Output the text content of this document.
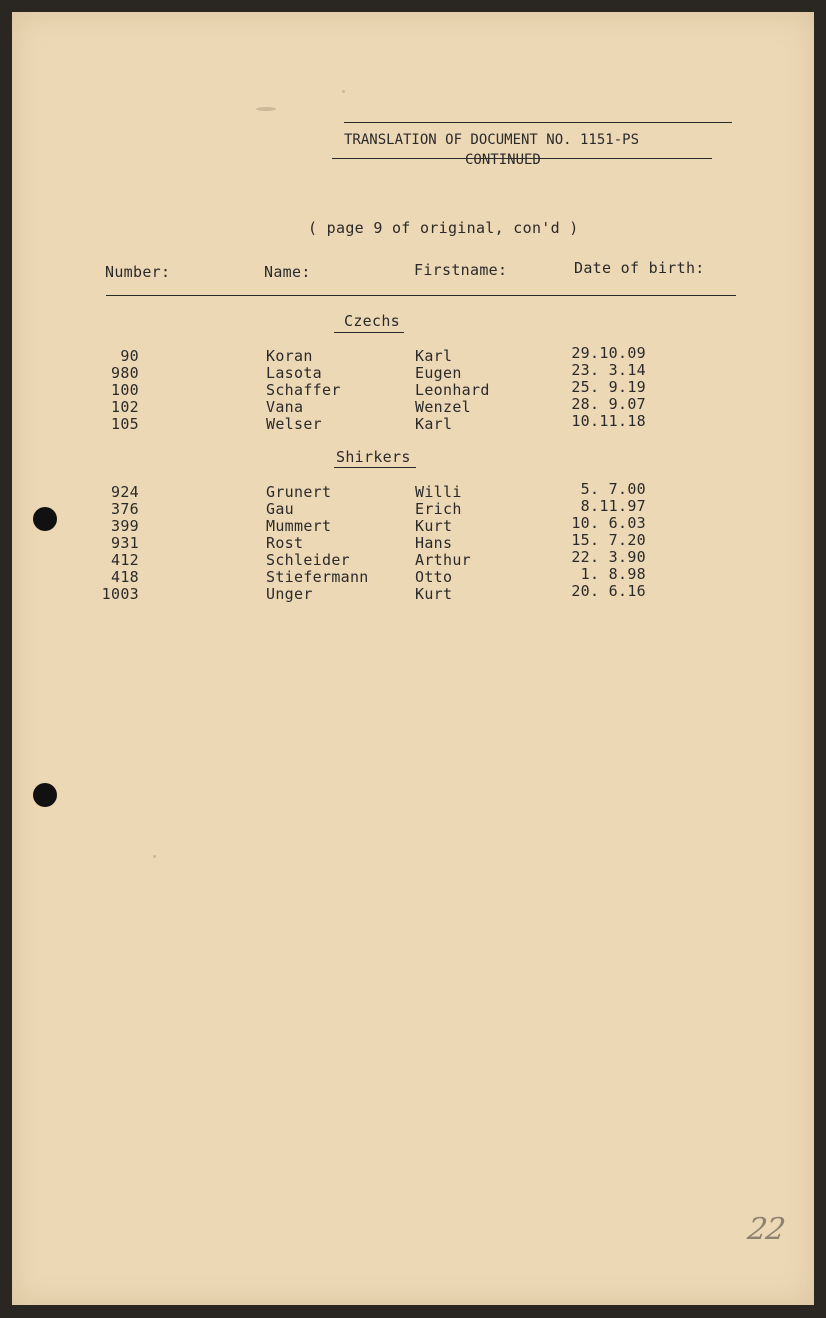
TRANSLATION OF DOCUMENT NO. 1151-PS
CONTINUED
( page 9 of original, con'd )
Number:	Name:	Firstname:	Date of birth:
Czechs
90	Koran	Karl	29.10.09
980	Lasota	Eugen	23. 3.14
100	Schaffer	Leonhard	25. 9.19
102	Vana	Wenzel	28. 9.07
105	Welser	Karl	10.11.18
Shirkers
924	Grunert	Willi	5. 7.00
376	Gau	Erich	8.11.97
399	Mummert	Kurt	10. 6.03
931	Rost	Hans	15. 7.20
412	Schleider	Arthur	22. 3.90
418	Stiefermann	Otto	1. 8.98
1003	Unger	Kurt	20. 6.16
22
